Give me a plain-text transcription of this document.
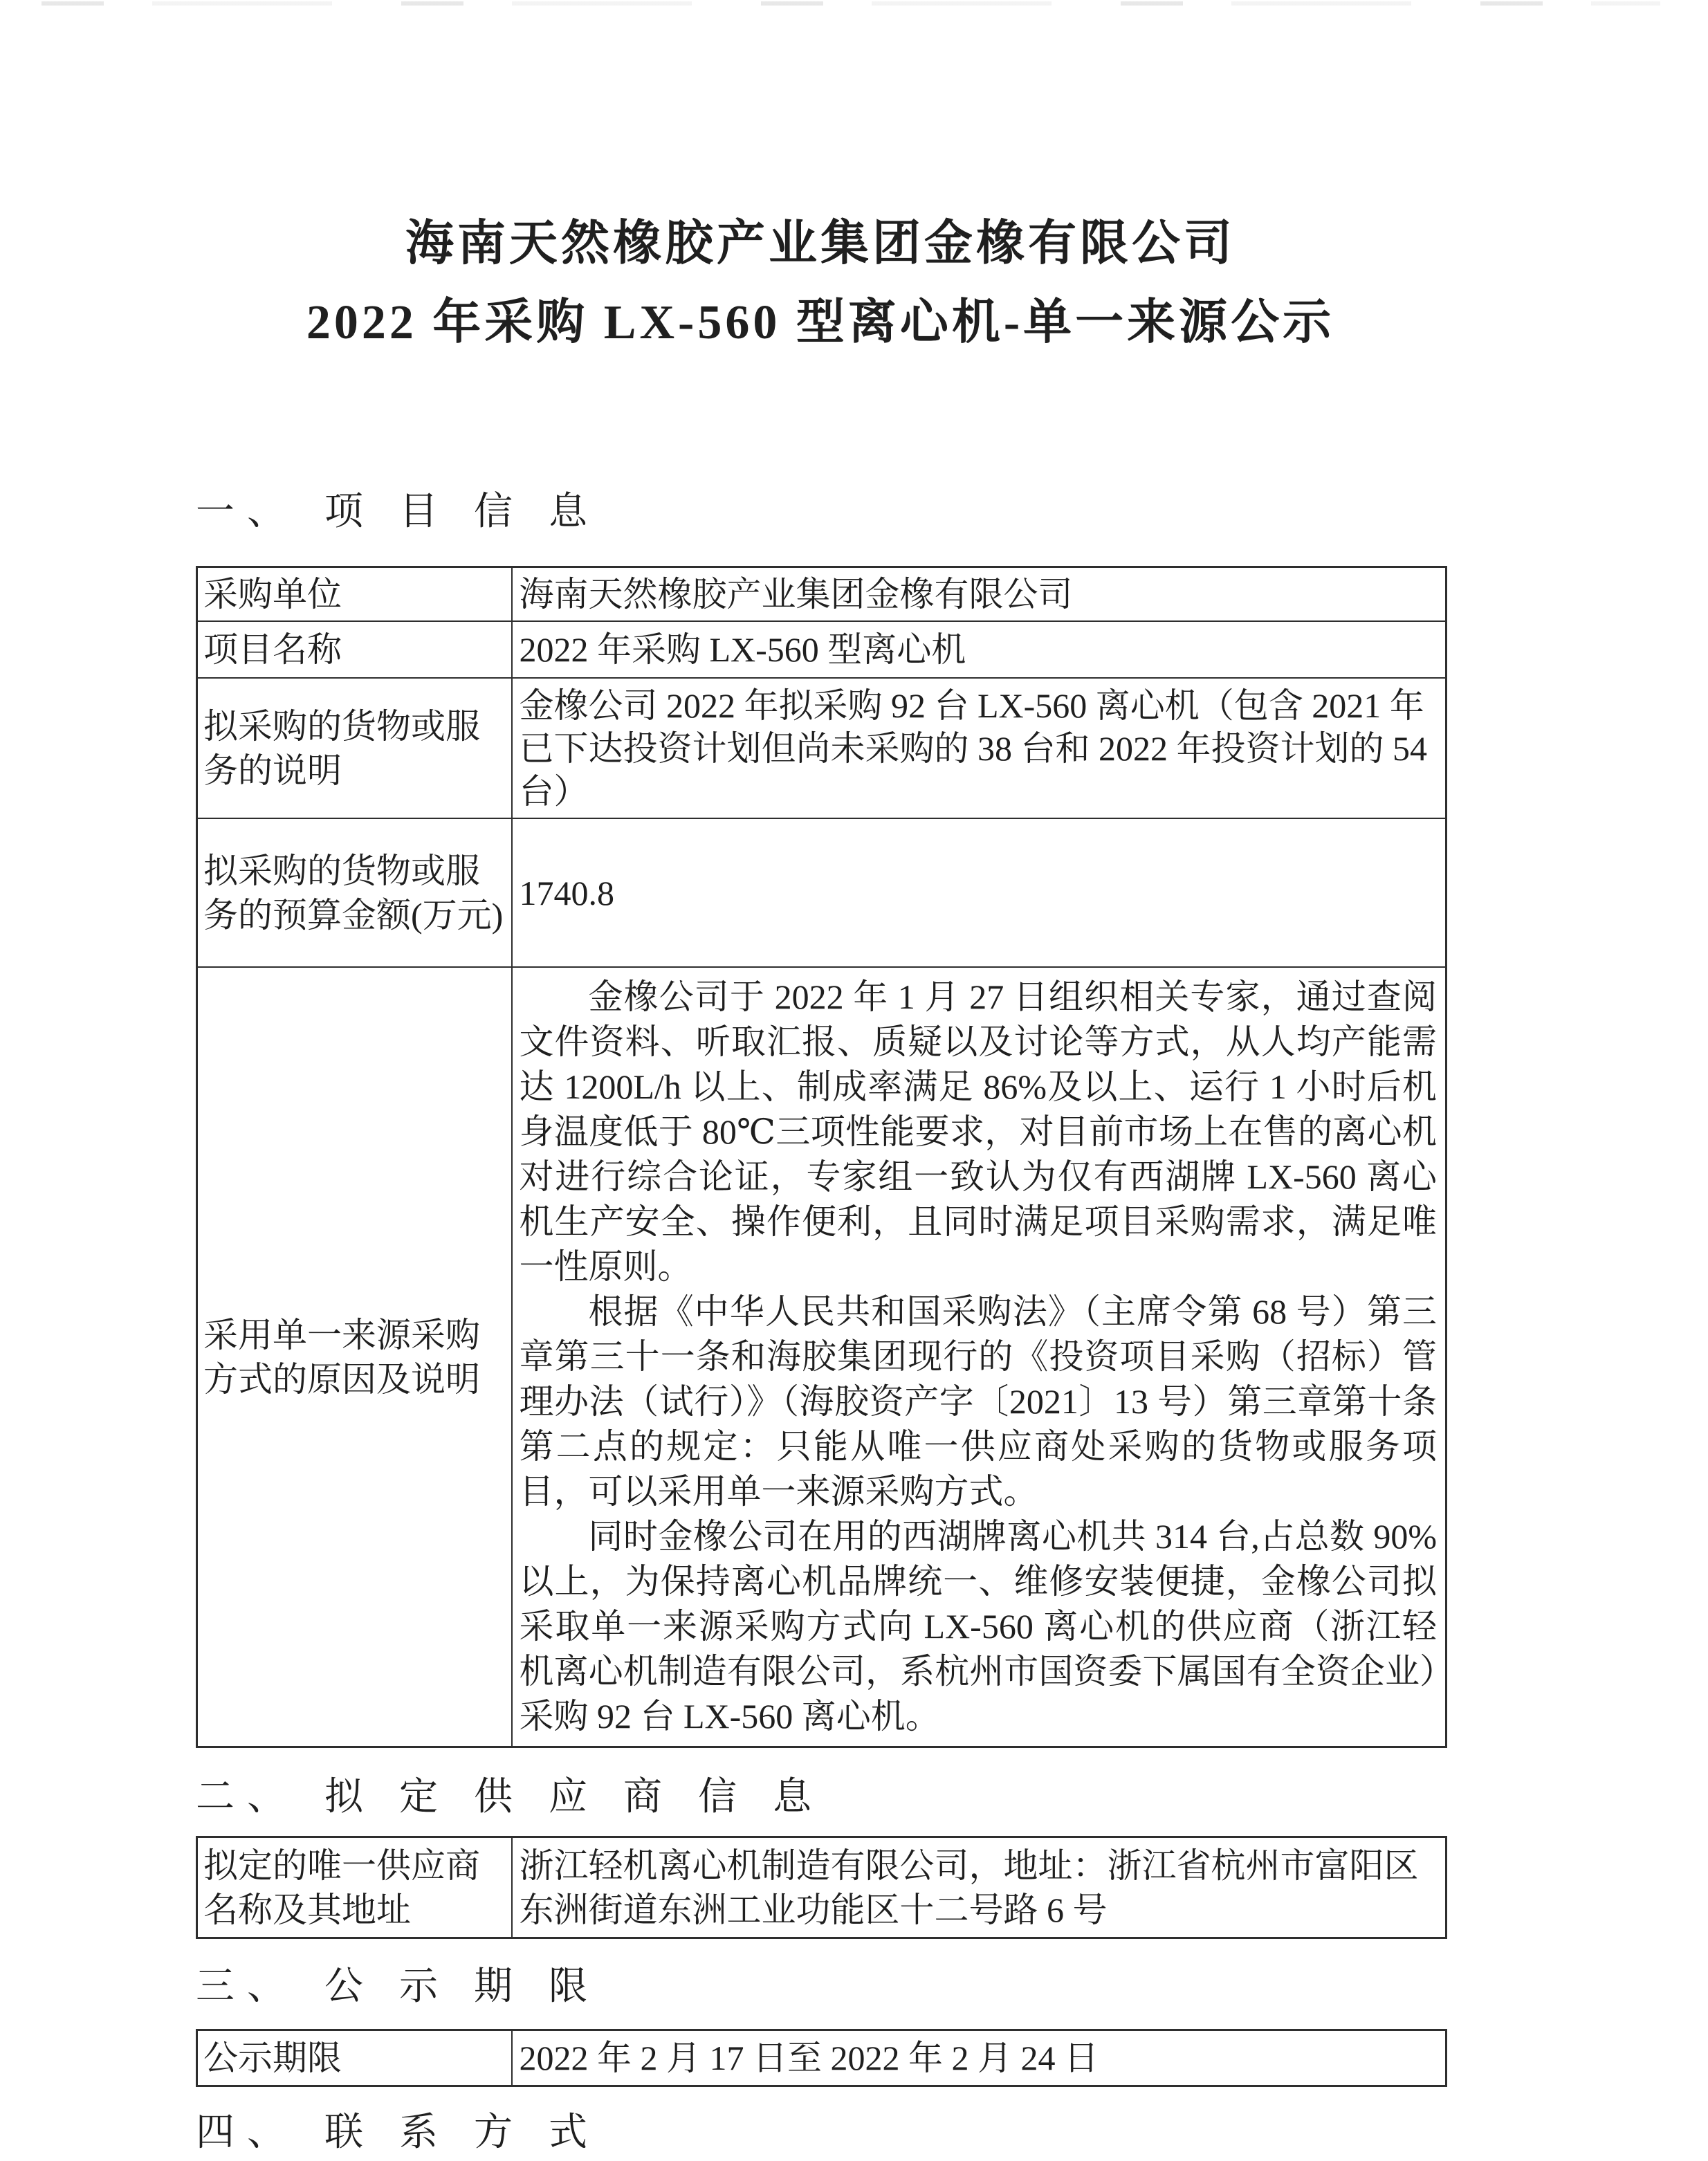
海南天然橡胶产业集团金橡有限公司
2022 年采购 LX-560 型离心机-单一来源公示
一、 项目信息
采购单位	海南天然橡胶产业集团金橡有限公司
项目名称	2022 年采购 LX-560 型离心机
拟采购的货物或服务的说明	金橡公司 2022 年拟采购 92 台 LX-560 离心机（包含 2021 年已下达投资计划但尚未采购的 38 台和 2022 年投资计划的 54 台）

拟采购的货物或服务的预算金额(万元)	1740.8
采用单一来源采购方式的原因及说明	金橡公司于 2022 年 1 月 27 日组织相关专家，通过查阅文件资料、听取汇报、质疑以及讨论等方式，从人均产能需达 1200L/h 以上、制成率满足 86%及以上、运行 1 小时后机身温度低于 80℃三项性能要求，对目前市场上在售的离心机对进行综合论证，专家组一致认为仅有西湖牌 LX-560 离心机生产安全、操作便利，且同时满足项目采购需求，满足唯一性原则。

根据《中华人民共和国采购法》（主席令第 68 号）第三章第三十一条和海胶集团现行的《投资项目采购（招标）管理办法（试行）》（海胶资产字〔2021〕13 号）第三章第十条第二点的规定：只能从唯一供应商处采购的货物或服务项目，可以采用单一来源采购方式。

同时金橡公司在用的西湖牌离心机共 314 台,占总数 90%以上，为保持离心机品牌统一、维修安装便捷，金橡公司拟采取单一来源采购方式向 LX-560 离心机的供应商（浙江轻机离心机制造有限公司，系杭州市国资委下属国有全资企业）采购 92 台 LX-560 离心机。

二、 拟定供应商信息
拟定的唯一供应商名称及其地址	浙江轻机离心机制造有限公司，地址：浙江省杭州市富阳区东洲街道东洲工业功能区十二号路 6 号
三、 公示期限
公示期限	2022 年 2 月 17 日至 2022 年 2 月 24 日
四、 联系方式
